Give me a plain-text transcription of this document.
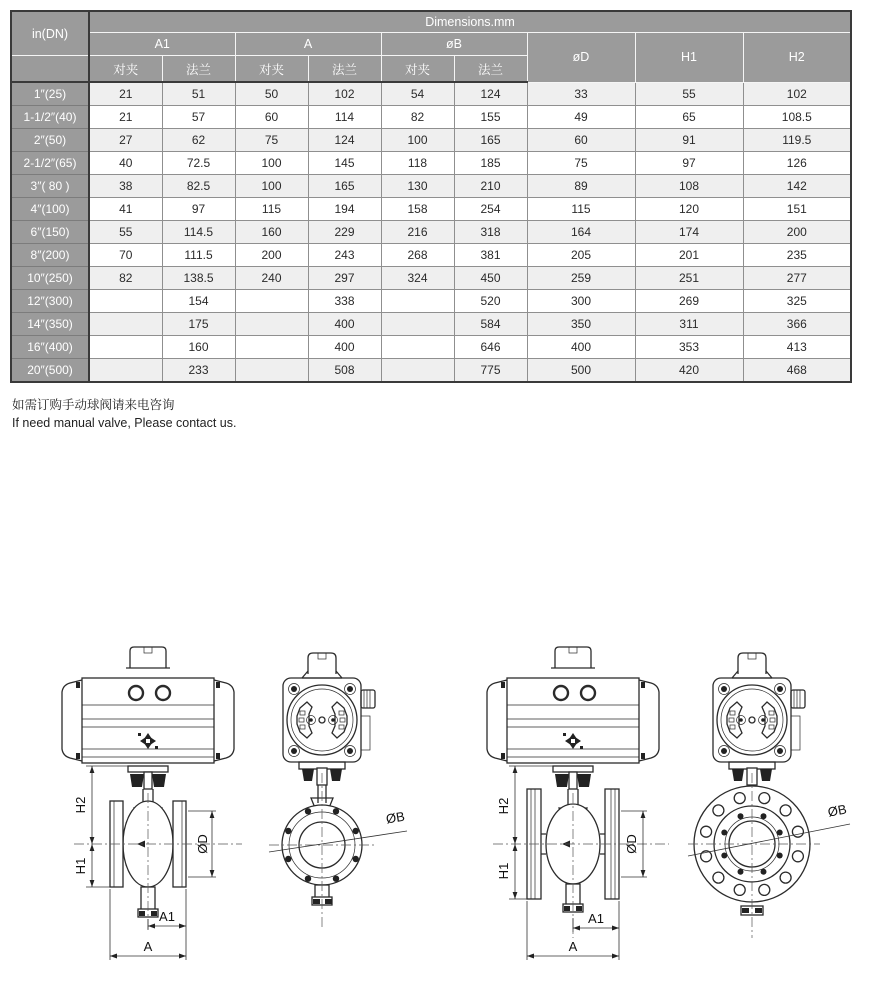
in(DN)	Dimensions.mm								
	A1		A		øB		øD	H1	H2
	对夹	法兰	对夹	法兰	对夹	法兰			
1″(25)	21	51	50	102	54	124	33	55	102
1-1/2″(40)	21	57	60	114	82	155	49	65	108.5
2″(50)	27	62	75	124	100	165	60	91	119.5
2-1/2″(65)	40	72.5	100	145	118	185	75	97	126
3″( 80 )	38	82.5	100	165	130	210	89	108	142
4″(100)	41	97	115	194	158	254	115	120	151
6″(150)	55	114.5	160	229	216	318	164	174	200
8″(200)	70	111.5	200	243	268	381	205	201	235
10″(250)	82	138.5	240	297	324	450	259	251	277
12″(300)		154		338		520	300	269	325
14″(350)		175		400		584	350	311	366
16″(400)		160		400		646	400	353	413
20″(500)		233		508		775	500	420	468
如需订购手动球阀请来电咨询
If need manual valve, Please contact us.
H2
H1
ØD
A1
A
ØB
H2
H1
ØD
A1
A
ØB
